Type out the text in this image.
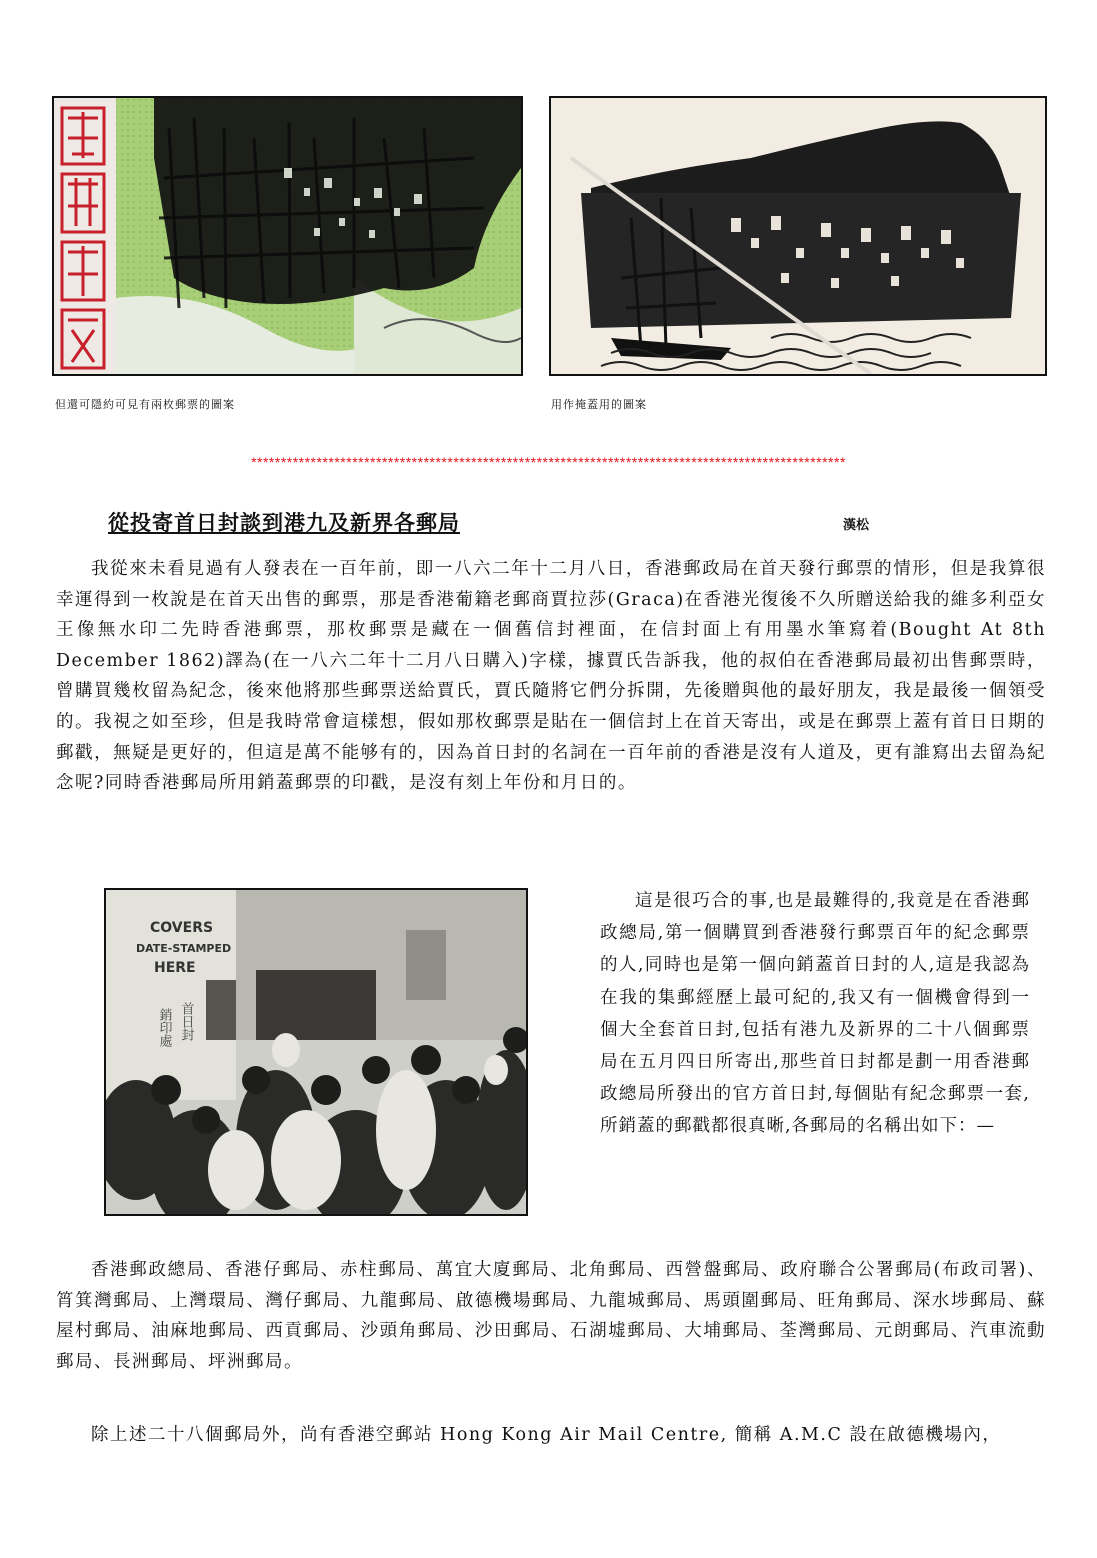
但還可隱約可見有兩枚郵票的圖案	用作掩蓋用的圖案
****************************************************************************************************
從投寄首日封談到港九及新界各郵局	漢松

我從來未看見過有人發表在一百年前，即一八六二年十二月八日，香港郵政局在首天發行郵票的情形，但是我算很幸運得到一枚說是在首天出售的郵票，那是香港葡籍老郵商賈拉莎(Graca)在香港光復後不久所贈送給我的維多利亞女王像無水印二先時香港郵票，那枚郵票是藏在一個舊信封裡面，在信封面上有用墨水筆寫着(Bought At 8th December 1862)譯為(在一八六二年十二月八日購入)字樣，據賈氏告訴我，他的叔伯在香港郵局最初出售郵票時，曾購買幾枚留為紀念，後來他將那些郵票送給賈氏，賈氏隨將它們分拆開，先後贈與他的最好朋友，我是最後一個領受的。我視之如至珍，但是我時常會這樣想，假如那枚郵票是貼在一個信封上在首天寄出，或是在郵票上蓋有首日日期的郵戳，無疑是更好的，但這是萬不能够有的，因為首日封的名詞在一百年前的香港是沒有人道及，更有誰寫出去留為紀念呢?同時香港郵局所用銷蓋郵票的印戳，是沒有刻上年份和月日的。

COVERS
DATE-STAMPED
HERE
首日封
銷印處

這是很巧合的事,也是最難得的,我竟是在香港郵政總局,第一個購買到香港發行郵票百年的紀念郵票的人,同時也是第一個向銷蓋首日封的人,這是我認為在我的集郵經歷上最可紀的,我又有一個機會得到一個大全套首日封,包括有港九及新界的二十八個郵票局在五月四日所寄出,那些首日封都是劃一用香港郵政總局所發出的官方首日封,每個貼有紀念郵票一套,所銷蓋的郵戳都很真晰,各郵局的名稱出如下：—

香港郵政總局、香港仔郵局、赤柱郵局、萬宜大廈郵局、北角郵局、西營盤郵局、政府聯合公署郵局(布政司署)、筲箕灣郵局、上灣環局、灣仔郵局、九龍郵局、啟德機場郵局、九龍城郵局、馬頭圍郵局、旺角郵局、深水埗郵局、蘇屋村郵局、油麻地郵局、西貢郵局、沙頭角郵局、沙田郵局、石湖墟郵局、大埔郵局、荃灣郵局、元朗郵局、汽車流動郵局、長洲郵局、坪洲郵局。

除上述二十八個郵局外，尚有香港空郵站 Hong Kong Air Mail Centre, 簡稱 A.M.C 設在啟德機場內，
